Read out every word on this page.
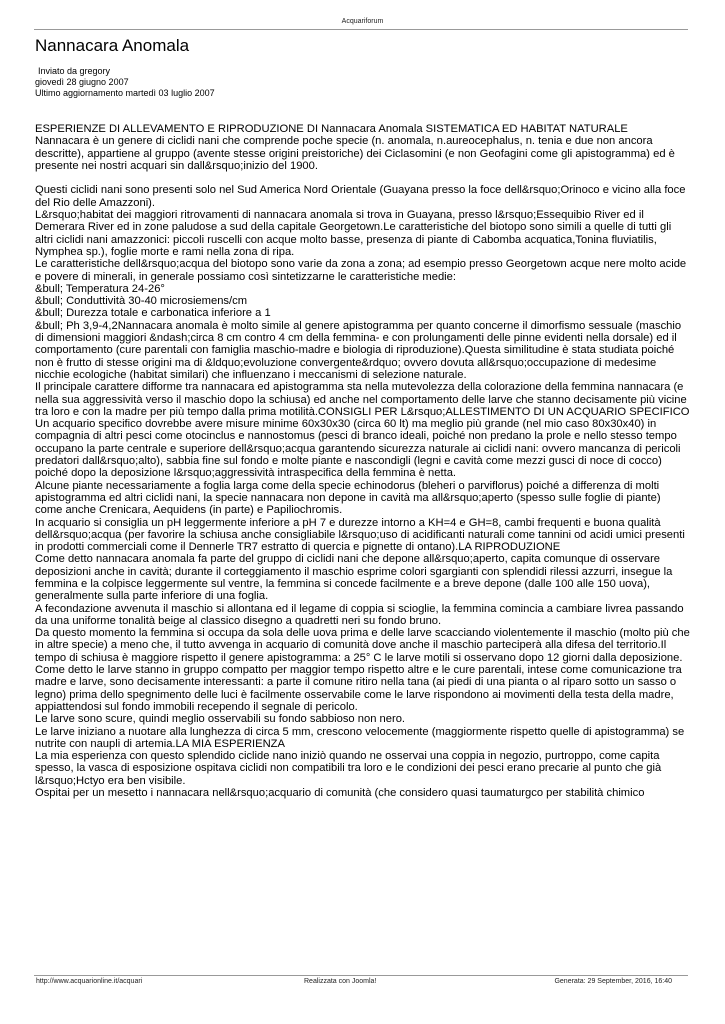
Acquariforum
Nannacara Anomala
Inviato da gregory
giovedì 28 giugno 2007
Ultimo aggiornamento martedì 03 luglio 2007

ESPERIENZE DI ALLEVAMENTO E RIPRODUZIONE DI Nannacara Anomala SISTEMATICA ED HABITAT NATURALE
Nannacara è un genere di ciclidi nani che comprende poche specie (n. anomala, n.aureocephalus, n. tenia e due non ancora descritte), appartiene al gruppo (avente stesse origini preistoriche) dei Ciclasomini (e non Geofagini come gli apistogramma) ed è presente nei nostri acquari sin dall&rsquo;inizio del 1900.

Questi ciclidi nani sono presenti solo nel Sud America Nord Orientale (Guayana presso la foce dell&rsquo;Orinoco e vicino alla foce del Rio delle Amazzoni).
L&rsquo;habitat dei maggiori ritrovamenti di nannacara anomala si trova in Guayana, presso l&rsquo;Essequibio River ed il Demerara River ed in zone paludose a sud della capitale Georgetown.Le caratteristiche del biotopo sono simili a quelle di tutti gli altri ciclidi nani amazzonici: piccoli ruscelli con acque molto basse, presenza di piante di Cabomba acquatica,Tonina fluviatilis, Nymphea sp.), foglie morte e rami nella zona di ripa.
Le caratteristiche dell&rsquo;acqua del biotopo sono varie da zona a zona; ad esempio presso Georgetown acque nere molto acide e povere di minerali, in generale possiamo così sintetizzarne le caratteristiche medie:
&bull; Temperatura 24-26°
&bull; Conduttività 30-40 microsiemens/cm
&bull; Durezza totale e carbonatica inferiore a 1
&bull; Ph 3,9-4,2Nannacara anomala è molto simile al genere apistogramma per quanto concerne il dimorfismo sessuale (maschio di dimensioni maggiori &ndash;circa 8 cm contro 4 cm della femmina- e con prolungamenti delle pinne evidenti nella dorsale) ed il comportamento (cure parentali con famiglia maschio-madre e biologia di riproduzione).Questa similitudine è stata studiata poiché non è frutto di stesse origini ma di &ldquo;evoluzione convergente&rdquo; ovvero dovuta all&rsquo;occupazione di medesime nicchie ecologiche (habitat similari) che influenzano i meccanismi di selezione naturale.
Il principale carattere difforme tra nannacara ed apistogramma sta nella mutevolezza della colorazione della femmina nannacara (e nella sua aggressività verso il maschio dopo la schiusa) ed anche nel comportamento delle larve che stanno decisamente più vicine tra loro e con la madre per più tempo dalla prima motilità.CONSIGLI PER L&rsquo;ALLESTIMENTO DI UN ACQUARIO SPECIFICO
Un acquario specifico dovrebbe avere misure minime 60x30x30 (circa 60 lt) ma meglio più grande (nel mio caso 80x30x40) in compagnia di altri pesci come otocinclus e nannostomus (pesci di branco ideali, poiché non predano la prole e nello stesso tempo occupano la parte centrale e superiore dell&rsquo;acqua garantendo sicurezza naturale ai ciclidi nani: ovvero mancanza di pericoli predatori dall&rsquo;alto), sabbia fine sul fondo e molte piante e nascondigli (legni e cavità come mezzi gusci di noce di cocco) poiché dopo la deposizione l&rsquo;aggressività intraspecifica della femmina è netta.
Alcune piante necessariamente a foglia larga come della specie echinodorus (bleheri o parviflorus) poiché a differenza di molti apistogramma ed altri ciclidi nani, la specie nannacara non depone in cavità ma all&rsquo;aperto (spesso sulle foglie di piante) come anche Crenicara, Aequidens (in parte) e Papiliochromis.
In acquario si consiglia un pH leggermente inferiore a pH 7 e durezze intorno a KH=4 e GH=8, cambi frequenti e buona qualità dell&rsquo;acqua (per favorire la schiusa anche consigliabile l&rsquo;uso di acidificanti naturali come tannini od acidi umici presenti in prodotti commerciali come il Dennerle TR7 estratto di quercia e pignette di ontano).LA RIPRODUZIONE
Come detto nannacara anomala fa parte del gruppo di ciclidi nani che depone all&rsquo;aperto, capita comunque di osservare deposizioni anche in cavità; durante il corteggiamento il maschio esprime colori sgargianti con splendidi rilessi azzurri, insegue la femmina e la colpisce leggermente sul ventre, la femmina si concede facilmente e a breve depone (dalle 100 alle 150 uova), generalmente sulla parte inferiore di una foglia.
A fecondazione avvenuta il maschio si allontana ed il legame di coppia si scioglie, la femmina comincia a cambiare livrea passando da una uniforme tonalità beige al classico disegno a quadretti neri su fondo bruno.
Da questo momento la femmina si occupa da sola delle uova prima e delle larve scacciando violentemente il maschio (molto più che in altre specie) a meno che, il tutto avvenga in acquario di comunità dove anche il maschio parteciperà alla difesa del territorio.Il tempo di schiusa è maggiore rispetto il genere apistogramma: a 25° C le larve motili si osservano dopo 12 giorni dalla deposizione.
Come detto le larve stanno in gruppo compatto per maggior tempo rispetto altre e le cure parentali, intese come comunicazione tra madre e larve, sono decisamente interessanti: a parte il comune ritiro nella tana (ai piedi di una pianta o al riparo sotto un sasso o legno) prima dello spegnimento delle luci è facilmente osservabile come le larve rispondono ai movimenti della testa della madre, appiattendosi sul fondo immobili recependo il segnale di pericolo.
Le larve sono scure, quindi meglio osservabili su fondo sabbioso non nero.
Le larve iniziano a nuotare alla lunghezza di circa 5 mm, crescono velocemente (maggiormente rispetto quelle di apistogramma) se nutrite con naupli di artemia.LA MIA ESPERIENZA
La mia esperienza con questo splendido ciclide nano iniziò quando ne osservai una coppia in negozio, purtroppo, come capita spesso, la vasca di esposizione ospitava ciclidi non compatibili tra loro e le condizioni dei pesci erano precarie al punto che già l&rsquo;Hctyo era ben visibile.
Ospitai per un mesetto i nannacara nell&rsquo;acquario di comunità (che considero quasi taumaturgco per stabilità chimico

http://www.acquarionline.it/acquari	Realizzata con Joomla!	Generata: 29 September, 2016, 16:40
